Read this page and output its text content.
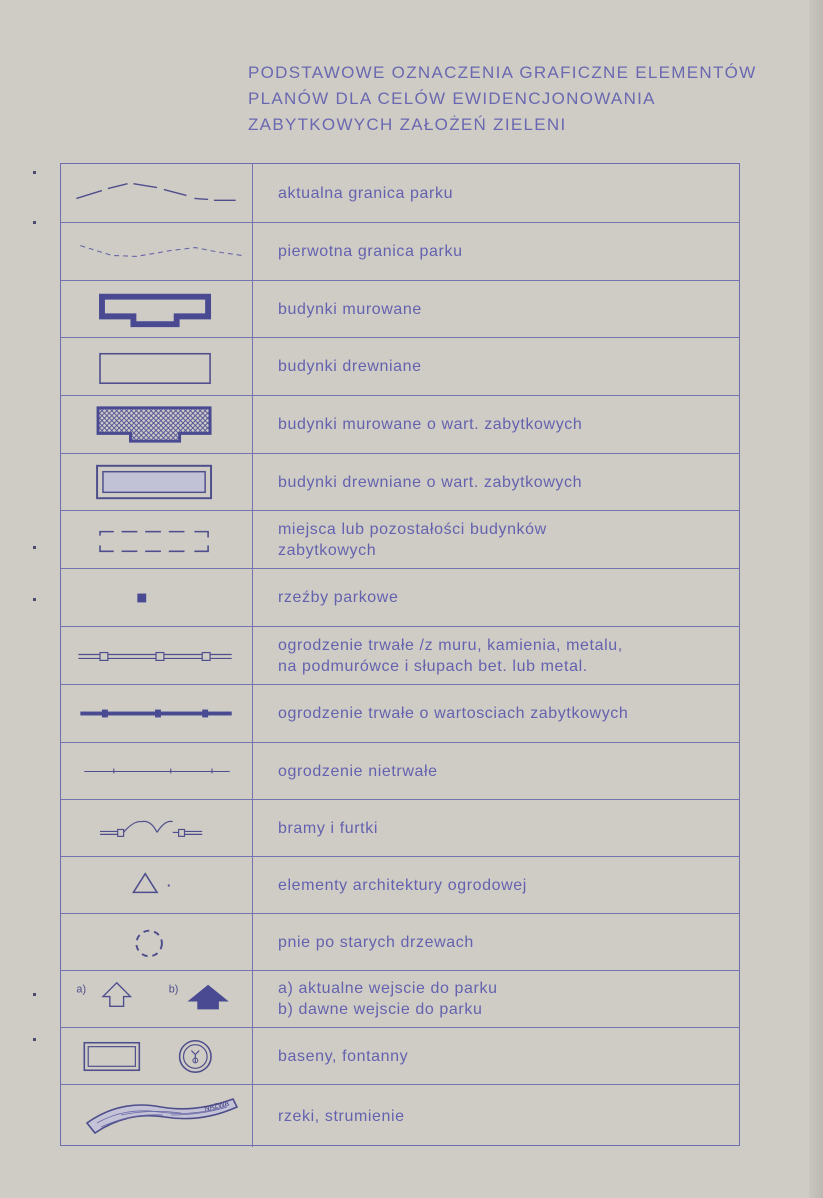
PODSTAWOWE OZNACZENIA GRAFICZNE ELEMENTÓW
PLANÓW DLA CELÓW EWIDENCJONOWANIA
ZABYTKOWYCH ZAŁOŻEŃ ZIELENI
aktualna granica parku
pierwotna granica parku
budynki murowane
budynki drewniane
budynki murowane o wart. zabytkowych
budynki drewniane o wart. zabytkowych
miejsca lub pozostałości budynków
zabytkowych
rzeźby parkowe
ogrodzenie trwałe /z muru, kamienia, metalu,
na podmurówce i słupach bet. lub metal.
ogrodzenie trwałe o wartosciach zabytkowych
ogrodzenie nietrwałe
bramy i furtki
elementy architektury ogrodowej
pnie po starych drzewach
a)	b)	a) aktualne wejscie do parku
b) dawne wejscie do parku
baseny, fontanny
NAZWA
rzeki, strumienie
